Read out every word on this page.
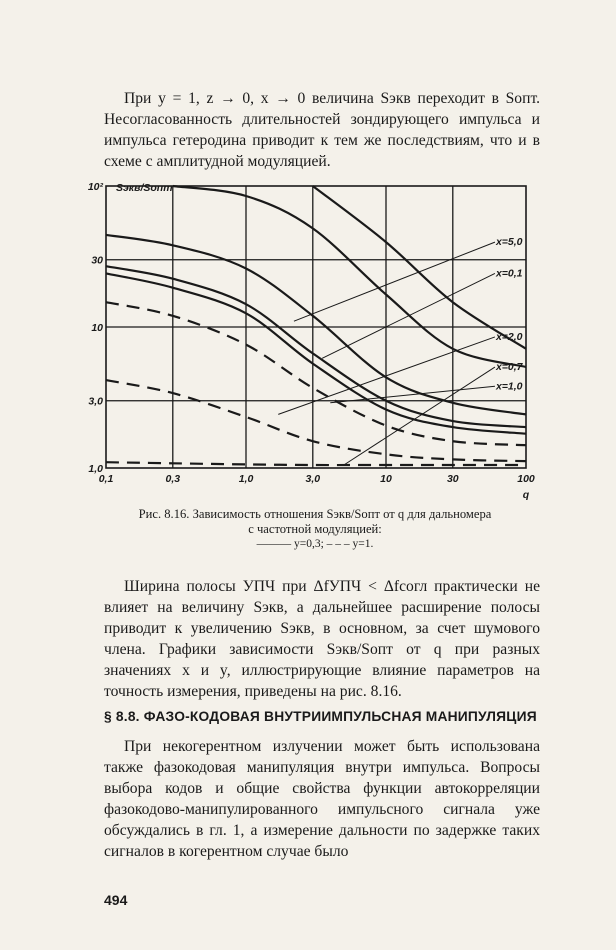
При y = 1, z → 0, x → 0 величина Sэкв переходит в Sопт. Несогласованность длительностей зондирующего импульса и импульса гетеродина приводит к тем же последствиям, что и в схеме с амплитудной модуляцией.

0,1	0,3	1,0	3,0	10	30	100
10²
30
10
3,0
1,0
Sэкв/Sопт
q
x=5,0
x=0,1
x=2,0
x=0,7
x=1,0
Рис. 8.16. Зависимость отношения Sэкв/Sопт от q для дальномера
с частотной модуляцией:
——— y=0,3; – – – y=1.

Ширина полосы УПЧ при ΔfУПЧ < Δfсогл практически не влияет на величину Sэкв, а дальнейшее расширение полосы приводит к увеличению Sэкв, в основном, за счет шумового члена. Графики зависимости Sэкв/Sопт от q при разных значениях x и y, иллюстрирующие влияние параметров на точность измерения, приведены на рис. 8.16.

§ 8.8. ФАЗО-КОДОВАЯ ВНУТРИИМПУЛЬСНАЯ МАНИПУЛЯЦИЯ

При некогерентном излучении может быть использована также фазокодовая манипуляция внутри импульса. Вопросы выбора кодов и общие свойства функции автокорреляции фазокодово-манипулированного импульсного сигнала уже обсуждались в гл. 1, а измерение дальности по задержке таких сигналов в когерентном случае было

494
